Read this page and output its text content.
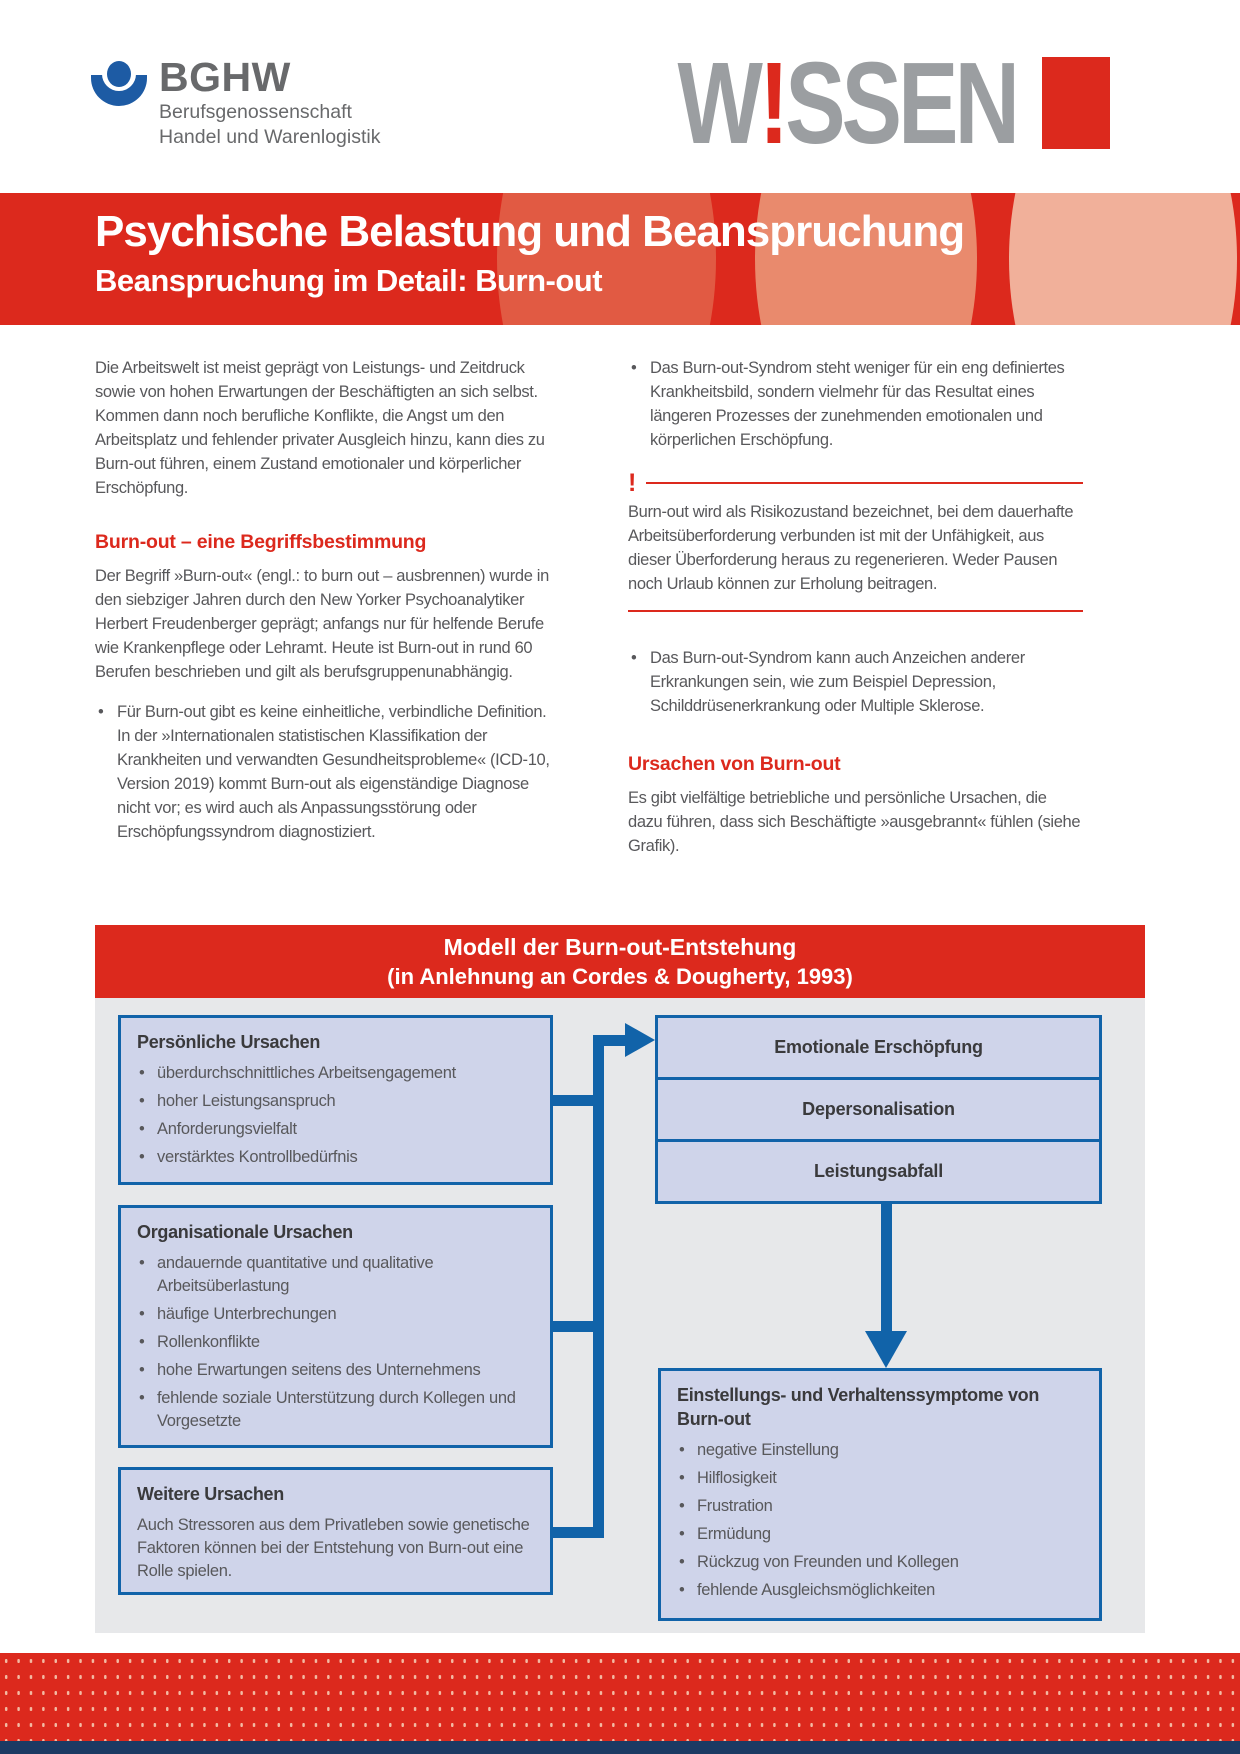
BGHW
Berufsgenossenschaft
Handel und Warenlogistik	W!SSEN
Psychische Belastung und Beanspruchung
Beanspruchung im Detail: Burn-out

Die Arbeitswelt ist meist geprägt von Leistungs- und Zeitdruck sowie von hohen Erwartungen der Beschäftigten an sich selbst. Kommen dann noch berufliche Konflikte, die Angst um den Arbeitsplatz und fehlender privater Ausgleich hinzu, kann dies zu Burn-out führen, einem Zustand emotionaler und körperlicher Erschöpfung.

Burn-out – eine Begriffsbestimmung

Der Begriff »Burn-out« (engl.: to burn out – ausbrennen) wurde in den siebziger Jahren durch den New Yorker Psychoanalytiker Herbert Freudenberger geprägt; anfangs nur für helfende Berufe wie Krankenpflege oder Lehramt. Heute ist Burn-out in rund 60 Berufen beschrieben und gilt als berufsgruppenunabhängig.

• Für Burn-out gibt es keine einheitliche, verbindliche Definition. In der »Internationalen statistischen Klassifikation der Krankheiten und verwandten Gesundheitsprobleme« (ICD-10, Version 2019) kommt Burn-out als eigenständige Diagnose nicht vor; es wird auch als Anpassungsstörung oder Erschöpfungssyndrom diagnostiziert.
• Das Burn-out-Syndrom steht weniger für ein eng definiertes Krankheitsbild, sondern vielmehr für das Resultat eines längeren Prozesses der zunehmenden emotionalen und körperlichen Erschöpfung.
!
Burn-out wird als Risikozustand bezeichnet, bei dem dauerhafte Arbeitsüberforderung verbunden ist mit der Unfähigkeit, aus dieser Überforderung heraus zu regenerieren. Weder Pausen noch Urlaub können zur Erholung beitragen.
• Das Burn-out-Syndrom kann auch Anzeichen anderer Erkrankungen sein, wie zum Beispiel Depression, Schilddrüsenerkrankung oder Multiple Sklerose.
Ursachen von Burn-out

Es gibt vielfältige betriebliche und persönliche Ursachen, die dazu führen, dass sich Beschäftigte »ausgebrannt« fühlen (siehe Grafik).

Modell der Burn-out-Entstehung
(in Anlehnung an Cordes & Dougherty, 1993)
Persönliche Ursachen
• überdurchschnittliches Arbeitsengagement
• hoher Leistungsanspruch
• Anforderungsvielfalt
• verstärktes Kontrollbedürfnis
Organisationale Ursachen
• andauernde quantitative und qualitative Arbeitsüberlastung
• häufige Unterbrechungen
• Rollenkonflikte
• hohe Erwartungen seitens des Unternehmens
• fehlende soziale Unterstützung durch Kollegen und Vorgesetzte
Weitere Ursachen
Auch Stressoren aus dem Privatleben sowie genetische Faktoren können bei der Entstehung von Burn-out eine Rolle spielen.
Emotionale Erschöpfung
Depersonalisation
Leistungsabfall
Einstellungs- und Verhaltenssymptome von Burn-out
• negative Einstellung
• Hilflosigkeit
• Frustration
• Ermüdung
• Rückzug von Freunden und Kollegen
• fehlende Ausgleichsmöglichkeiten
